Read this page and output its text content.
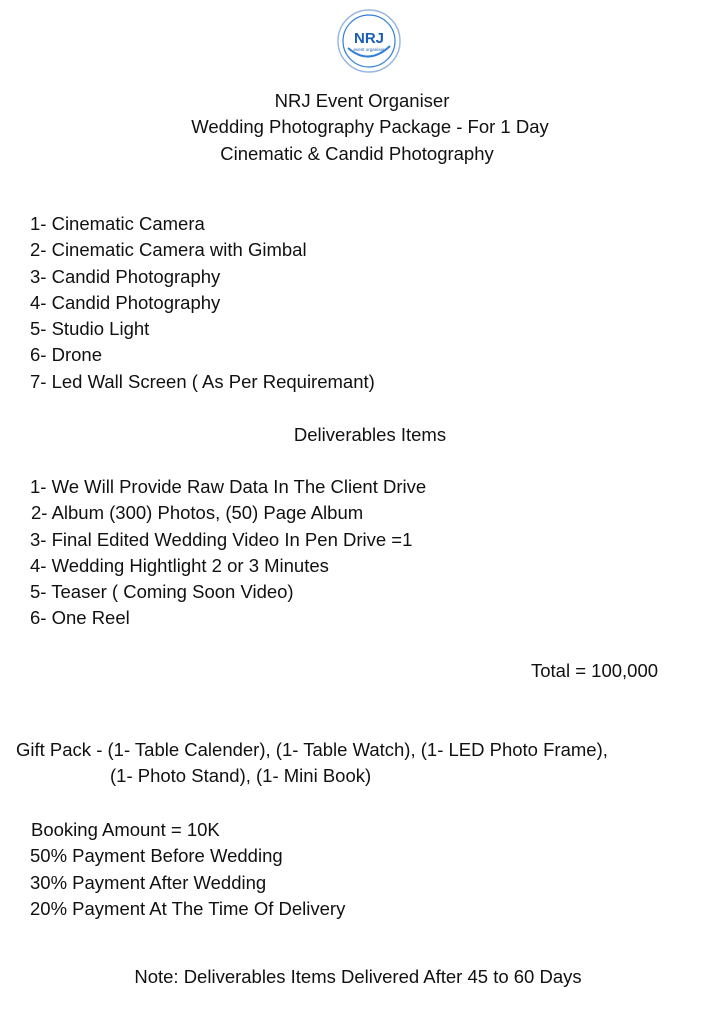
NRJ
event organiser
NRJ Event Organiser
Wedding Photography Package - For 1 Day
Cinematic & Candid Photography
1- Cinematic Camera
2- Cinematic Camera with Gimbal
3- Candid Photography
4- Candid Photography
5- Studio Light
6- Drone
7- Led Wall Screen ( As Per Requiremant)
Deliverables Items
1- We Will Provide Raw Data In The Client Drive
2- Album (300) Photos, (50) Page Album
3- Final Edited Wedding Video In Pen Drive =1
4- Wedding Hightlight 2 or 3 Minutes
5- Teaser ( Coming Soon Video)
6- One Reel
Total = 100,000
Gift Pack - (1- Table Calender), (1- Table Watch), (1- LED Photo Frame),
(1- Photo Stand), (1- Mini Book)
Booking Amount = 10K
50% Payment Before Wedding
30% Payment After Wedding
20% Payment At The Time Of Delivery
Note: Deliverables Items Delivered After 45 to 60 Days
